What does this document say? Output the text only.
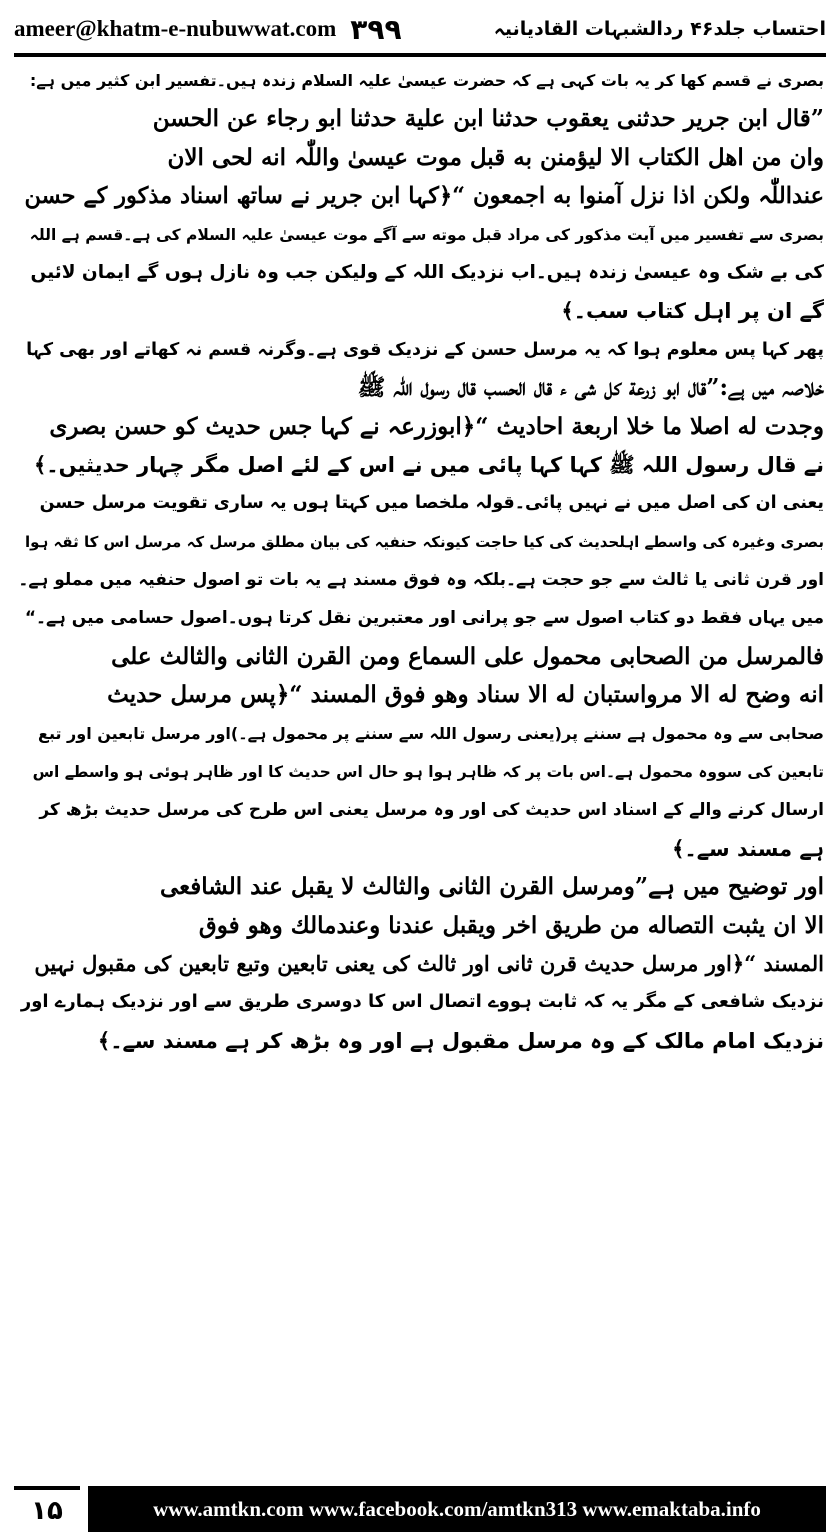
ameer@khatm-e-nubuwwat.com ۳۹۹	احتساب جلد۴۶ ردالشبہات القادیانیہ
بصری نے قسم کھا کر یہ بات کہی ہے کہ حضرت عیسیٰ علیہ السلام زندہ ہیں۔تفسیر ابن کثیر میں ہے:
”قال ابن جریر حدثنی یعقوب حدثنا ابن علیة حدثنا ابو رجاء عن الحسن
وان من اهل الکتاب الا لیؤمنن به قبل موت عیسیٰ واللّٰہ انه لحی الان
عنداللّٰہ ولکن اذا نزل آمنوا به اجمعون “﴿کہا ابن جریر نے ساتھ اسناد مذکور کے حسن
بصری سے تفسیر میں آیت مذکور کی مراد قبل موته سے آگے موت عیسیٰ علیہ السلام کی ہے۔قسم ہے اللہ
کی بے شک وہ عیسیٰ زندہ ہیں۔اب نزدیک اللہ کے ولیکن جب وہ نازل ہوں گے ایمان لائیں
گے ان پر اہل کتاب سب۔﴾
پھر کہا پس معلوم ہوا کہ یہ مرسل حسن کے نزدیک قوی ہے۔وگرنہ قسم نہ کھاتے اور بھی کہا
خلاصہ میں ہے:”قال ابو زرعة کل شی ء قال الحسب قال رسول اللّٰہ ﷺ
وجدت له اصلا ما خلا اربعة احادیث “﴿ابوزرعہ نے کہا جس حدیث کو حسن بصری
نے قال رسول اللہ ﷺ کہا کہا پائی میں نے اس کے لئے اصل مگر چہار حدیثیں۔﴾
یعنی ان کی اصل میں نے نہیں پائی۔قولہ ملخصا میں کہتا ہوں یہ ساری تقویت مرسل حسن
بصری وغیرہ کی واسطے اہلحدیث کی کیا حاجت کیونکہ حنفیہ کی بیان مطلق مرسل کہ مرسل اس کا ثقہ ہوا
اور قرن ثانی یا ثالث سے جو حجت ہے۔بلکہ وہ فوق مسند ہے یہ بات تو اصول حنفیہ میں مملو ہے۔
میں یہاں فقط دو کتاب اصول سے جو پرانی اور معتبرین نقل کرتا ہوں۔اصول حسامی میں ہے۔“
فالمرسل من الصحابی محمول علی السماع ومن القرن الثانی والثالث علی
انه وضح له الا مرواستبان له الا سناد وهو فوق المسند “﴿پس مرسل حدیث
صحابی سے وہ محمول ہے سننے پر(یعنی رسول اللہ سے سننے پر محمول ہے۔)اور مرسل تابعین اور تبع
تابعین کی سووہ محمول ہے۔اس بات پر کہ ظاہر ہوا ہو حال اس حدیث کا اور ظاہر ہوئی ہو واسطے اس
ارسال کرنے والے کے اسناد اس حدیث کی اور وہ مرسل یعنی اس طرح کی مرسل حدیث بڑھ کر
ہے مسند سے۔﴾
اور توضیح میں ہے”ومرسل القرن الثانی والثالث لا یقبل عند الشافعی
الا ان یثبت التصاله من طریق اخر ویقبل عندنا وعندمالك وهو فوق
المسند “﴿اور مرسل حدیث قرن ثانی اور ثالث کی یعنی تابعین وتبع تابعین کی مقبول نہیں
نزدیک شافعی کے مگر یہ کہ ثابت ہووے اتصال اس کا دوسری طریق سے اور نزدیک ہمارے اور
نزدیک امام مالک کے وہ مرسل مقبول ہے اور وہ بڑھ کر ہے مسند سے۔﴾
۱۵	www.amtkn.com www.facebook.com/amtkn313 www.emaktaba.info
